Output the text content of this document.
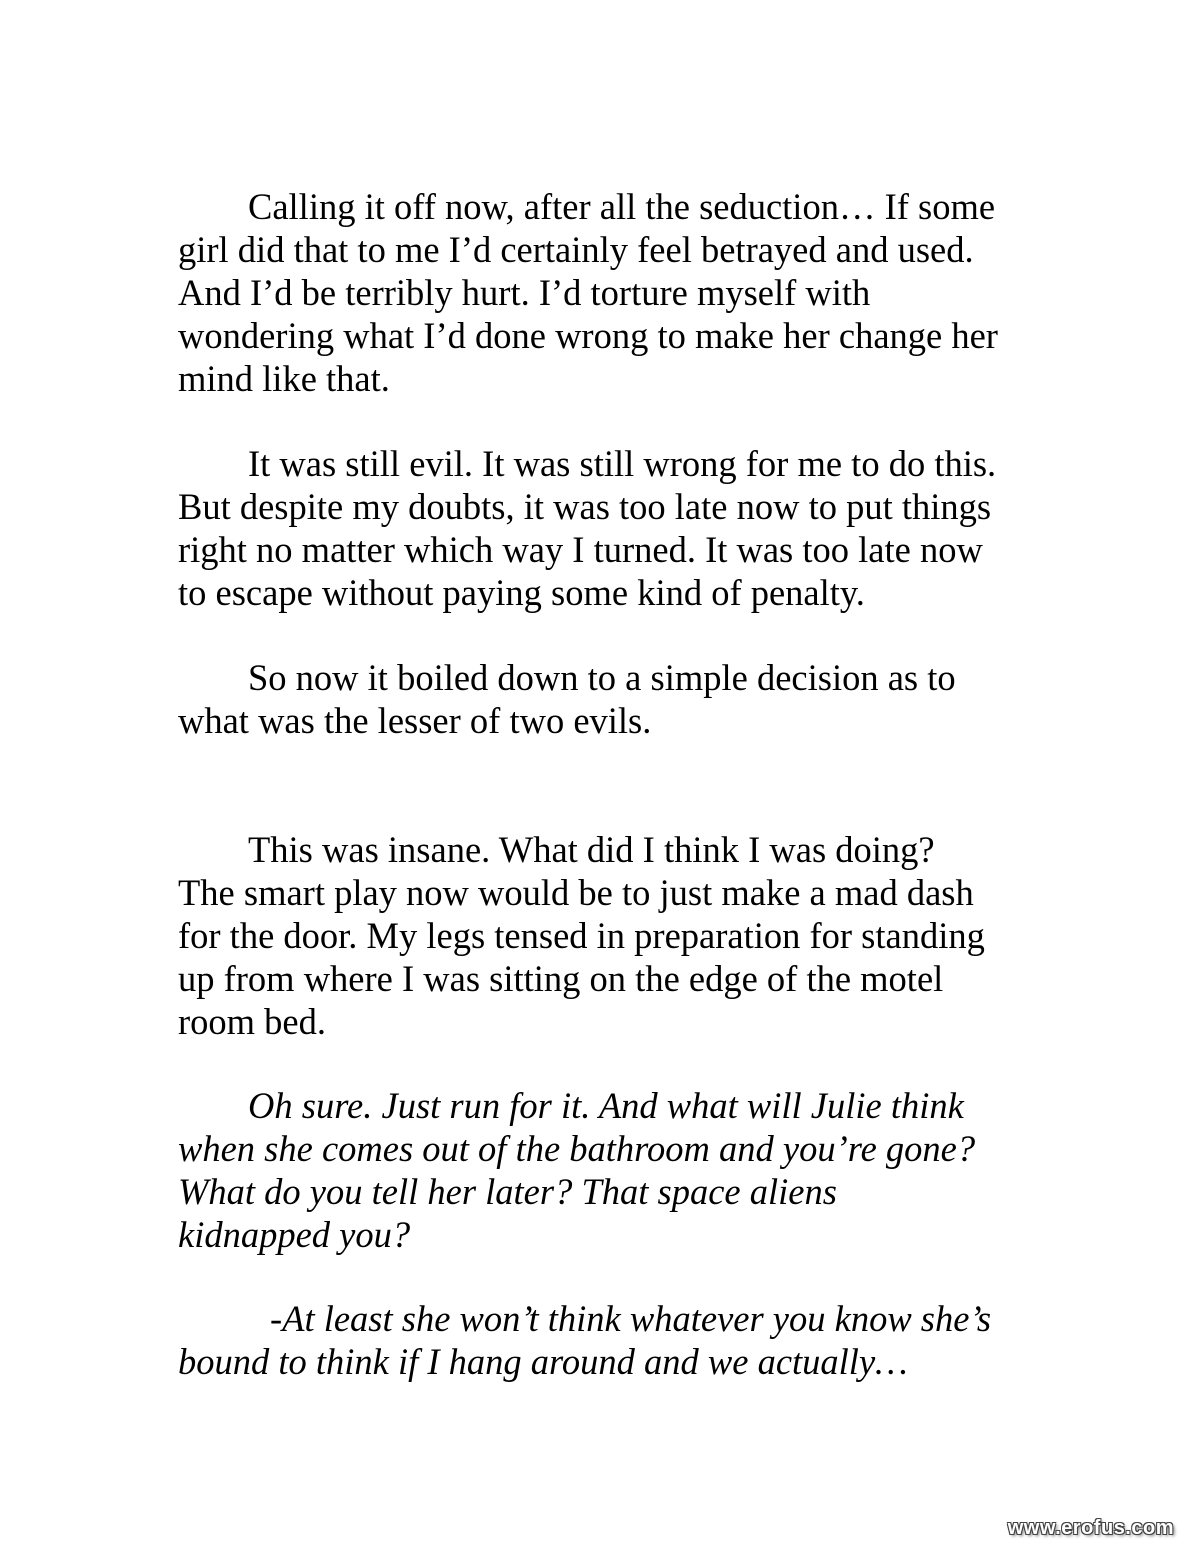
Calling it off now, after all the seduction… If some
girl did that to me I’d certainly feel betrayed and used.
And I’d be terribly hurt. I’d torture myself with
wondering what I’d done wrong to make her change her
mind like that.

It was still evil. It was still wrong for me to do this.
But despite my doubts, it was too late now to put things
right no matter which way I turned. It was too late now
to escape without paying some kind of penalty.

So now it boiled down to a simple decision as to
what was the lesser of two evils.

This was insane. What did I think I was doing?
The smart play now would be to just make a mad dash
for the door. My legs tensed in preparation for standing
up from where I was sitting on the edge of the motel
room bed.

Oh sure. Just run for it. And what will Julie think
when she comes out of the bathroom and you’re gone?
What do you tell her later? That space aliens
kidnapped you?

-At least she won’t think whatever you know she’s
bound to think if I hang around and we actually…

www.erofus.com
